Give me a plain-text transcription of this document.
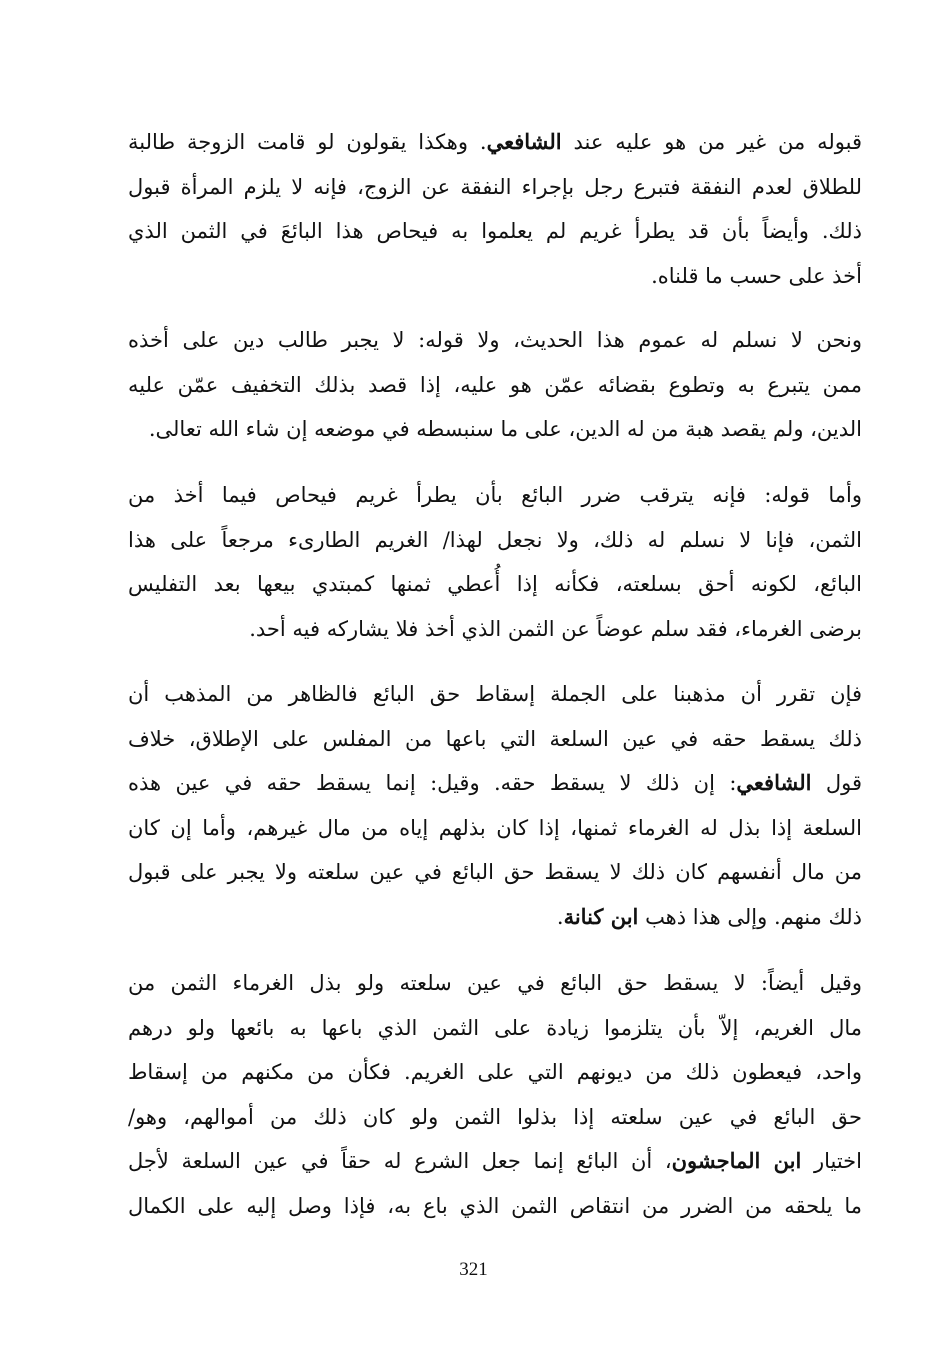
قبوله من غير من هو عليه عند الشافعي. وهكذا يقولون لو قامت الزوجة طالبة
للطلاق لعدم النفقة فتبرع رجل بإجراء النفقة عن الزوج، فإنه لا يلزم المرأة قبول
ذلك. وأيضاً بأن قد يطرأ غريم لم يعلموا به فيحاص هذا البائعَ في الثمن الذي
أخذ على حسب ما قلناه.
ونحن لا نسلم له عموم هذا الحديث، ولا قوله: لا يجبر طالب دين على أخذه
ممن يتبرع به وتطوع بقضائه عمّن هو عليه، إذا قصد بذلك التخفيف عمّن عليه
الدين، ولم يقصد هبة من له الدين، على ما سنبسطه في موضعه إن شاء الله تعالى.
وأما قوله: فإنه يترقب ضرر البائع بأن يطرأ غريم فيحاص فيما أخذ من
الثمن، فإنا لا نسلم له ذلك، ولا نجعل لهذا/ الغريم الطارىء مرجعاً على هذا
البائع، لكونه أحق بسلعته، فكأنه إذا أُعطي ثمنها كمبتدي بيعها بعد التفليس
برضى الغرماء، فقد سلم عوضاً عن الثمن الذي أخذ فلا يشاركه فيه أحد.
فإن تقرر أن مذهبنا على الجملة إسقاط حق البائع فالظاهر من المذهب أن
ذلك يسقط حقه في عين السلعة التي باعها من المفلس على الإطلاق، خلاف
قول الشافعي: إن ذلك لا يسقط حقه. وقيل: إنما يسقط حقه في عين هذه
السلعة إذا بذل له الغرماء ثمنها، إذا كان بذلهم إياه من مال غيرهم، وأما إن كان
من مال أنفسهم كان ذلك لا يسقط حق البائع في عين سلعته ولا يجبر على قبول
ذلك منهم. وإلى هذا ذهب ابن كنانة.
وقيل أيضاً: لا يسقط حق البائع في عين سلعته ولو بذل الغرماء الثمن من
مال الغريم، إلاّ بأن يتلزموا زيادة على الثمن الذي باعها به بائعها ولو درهم
واحد، فيعطون ذلك من ديونهم التي على الغريم. فكأن من مكنهم من إسقاط
حق البائع في عين سلعته إذا بذلوا الثمن ولو كان ذلك من أموالهم، وهو/
اختيار ابن الماجشون، أن البائع إنما جعل الشرع له حقاً في عين السلعة لأجل
ما يلحقه من الضرر من انتقاص الثمن الذي باع به، فإذا وصل إليه على الكمال
321
